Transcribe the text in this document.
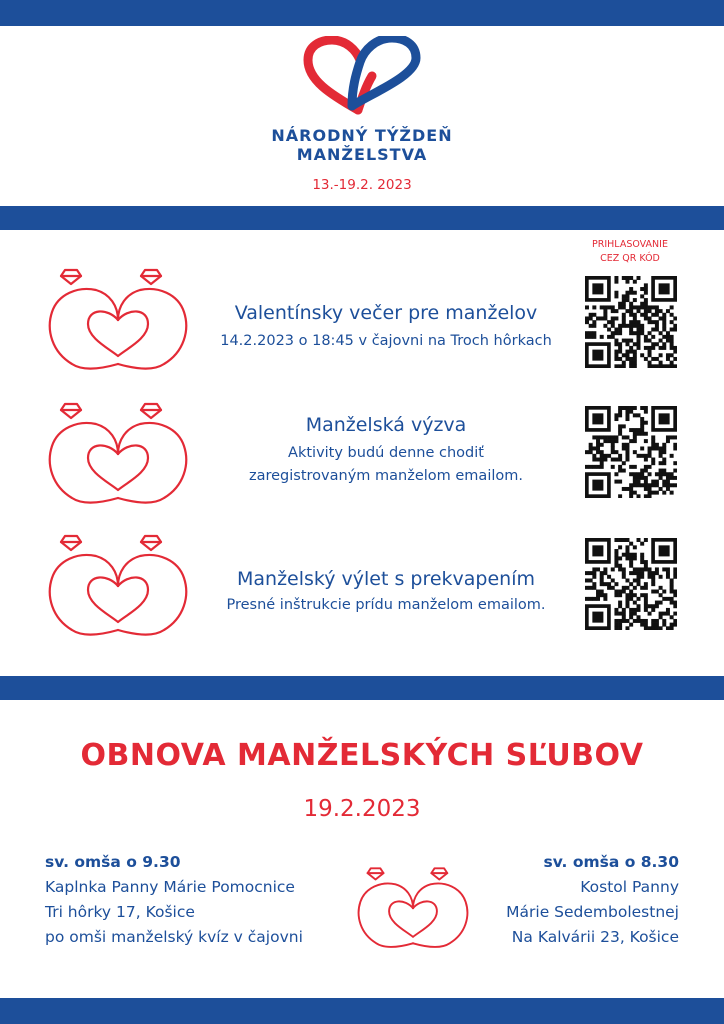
NÁRODNÝ TÝŽDEŇ
MANŽELSTVA
13.-19.2. 2023
PRIHLASOVANIE
CEZ QR KÓD
Valentínsky večer pre manželov
14.2.2023 o 18:45 v čajovni na Troch hôrkach
Manželská výzva
Aktivity budú denne chodiť
zaregistrovaným manželom emailom.
Manželský výlet s prekvapením
Presné inštrukcie prídu manželom emailom.
OBNOVA MANŽELSKÝCH SĽUBOV
19.2.2023
sv. omša o 9.30
Kaplnka Panny Márie Pomocnice
Tri hôrky 17, Košice
po omši manželský kvíz v čajovni
sv. omša o 8.30
Kostol Panny
Márie Sedembolestnej
Na Kalvárii 23, Košice
